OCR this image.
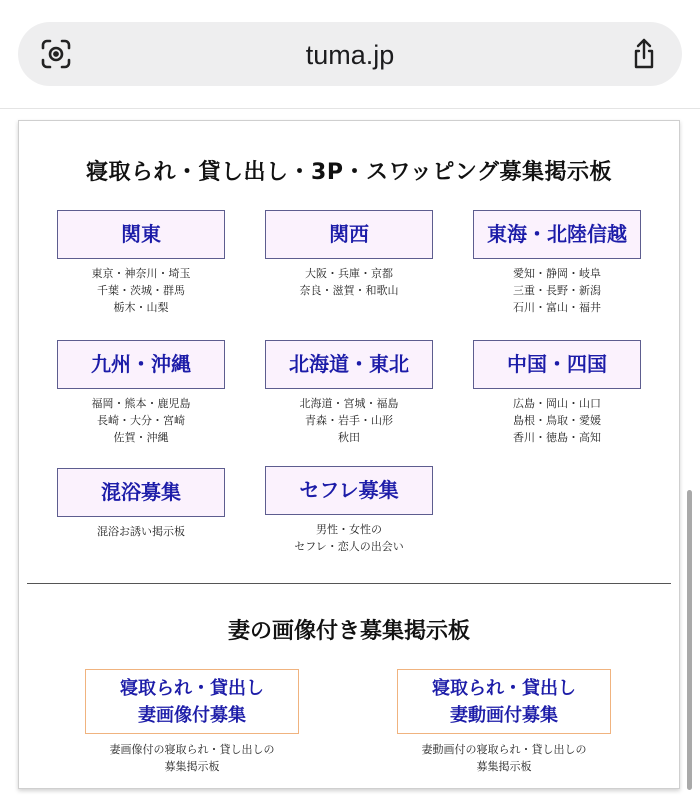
tuma.jp
寝取られ・貸し出し・3P・スワッピング募集掲示板
関東
東京・神奈川・埼玉
千葉・茨城・群馬
栃木・山梨
関西
大阪・兵庫・京都
奈良・滋賀・和歌山
東海・北陸信越
愛知・静岡・岐阜
三重・長野・新潟
石川・富山・福井
九州・沖縄
福岡・熊本・鹿児島
長崎・大分・宮崎
佐賀・沖縄
北海道・東北
北海道・宮城・福島
青森・岩手・山形
秋田
中国・四国
広島・岡山・山口
島根・鳥取・愛媛
香川・徳島・高知
混浴募集
混浴お誘い掲示板
セフレ募集
男性・女性の
セフレ・恋人の出会い
妻の画像付き募集掲示板
寝取られ・貸出し
妻画像付募集
妻画像付の寝取られ・貸し出しの
募集掲示板
寝取られ・貸出し
妻動画付募集
妻動画付の寝取られ・貸し出しの
募集掲示板
